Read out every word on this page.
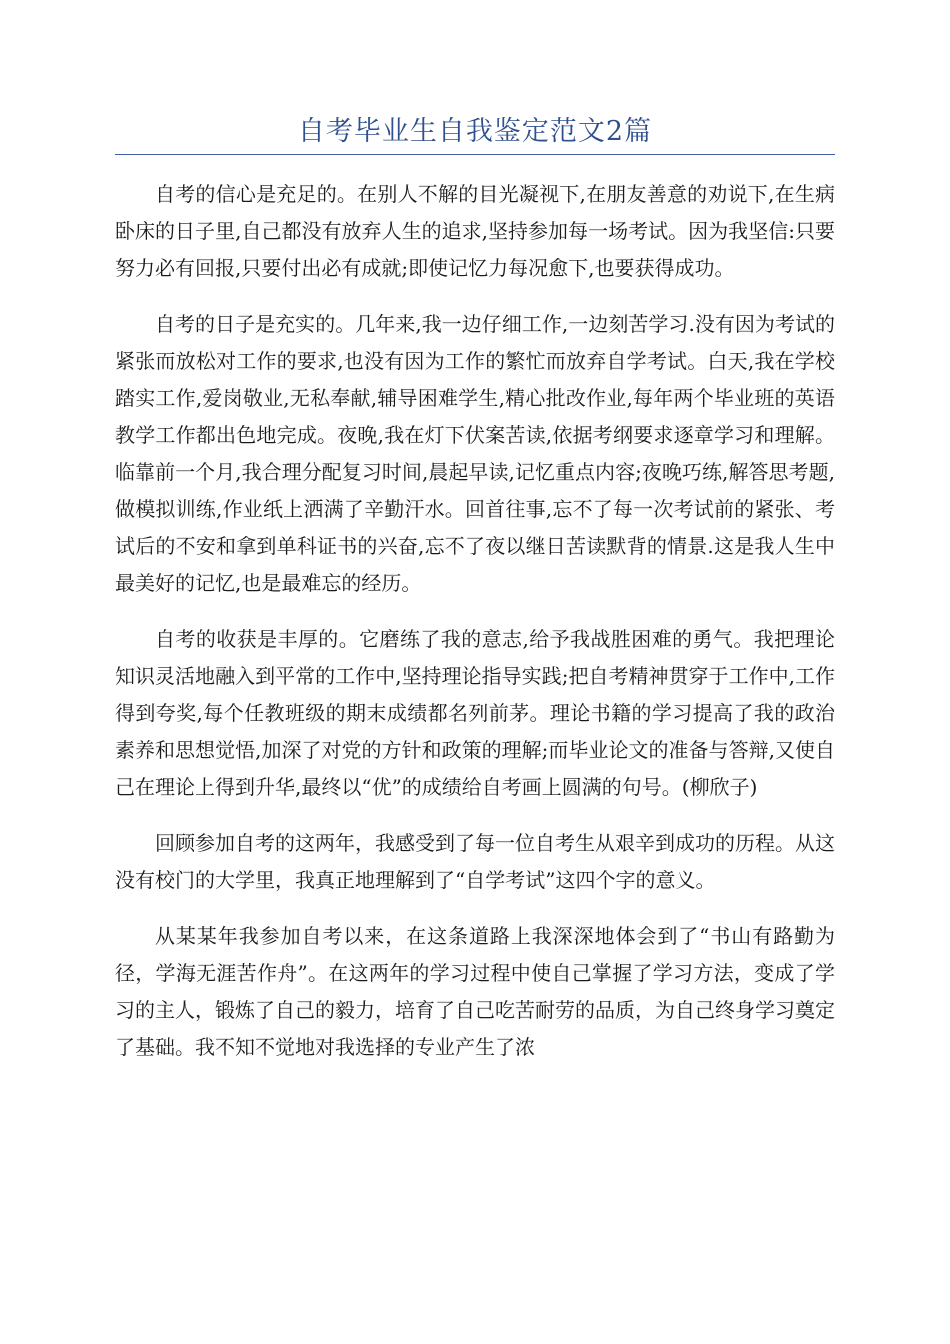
自考毕业生自我鉴定范文2篇

自考的信心是充足的。在别人不解的目光凝视下,在朋友善意的劝说下,在生病卧床的日子里,自己都没有放弃人生的追求,坚持参加每一场考试。因为我坚信:只要努力必有回报,只要付出必有成就;即使记忆力每况愈下,也要获得成功。

自考的日子是充实的。几年来,我一边仔细工作,一边刻苦学习.没有因为考试的紧张而放松对工作的要求,也没有因为工作的繁忙而放弃自学考试。白天,我在学校踏实工作,爱岗敬业,无私奉献,辅导困难学生,精心批改作业,每年两个毕业班的英语教学工作都出色地完成。夜晚,我在灯下伏案苦读,依据考纲要求逐章学习和理解。临靠前一个月,我合理分配复习时间,晨起早读,记忆重点内容;夜晚巧练,解答思考题,做模拟训练,作业纸上洒满了辛勤汗水。回首往事,忘不了每一次考试前的紧张、考试后的不安和拿到单科证书的兴奋,忘不了夜以继日苦读默背的情景.这是我人生中最美好的记忆,也是最难忘的经历。

自考的收获是丰厚的。它磨练了我的意志,给予我战胜困难的勇气。我把理论知识灵活地融入到平常的工作中,坚持理论指导实践;把自考精神贯穿于工作中,工作得到夸奖,每个任教班级的期末成绩都名列前茅。理论书籍的学习提高了我的政治素养和思想觉悟,加深了对党的方针和政策的理解;而毕业论文的准备与答辩,又使自己在理论上得到升华,最终以“优”的成绩给自考画上圆满的句号。(柳欣子)

回顾参加自考的这两年，我感受到了每一位自考生从艰辛到成功的历程。从这没有校门的大学里，我真正地理解到了“自学考试”这四个字的意义。

从某某年我参加自考以来，在这条道路上我深深地体会到了“书山有路勤为径，学海无涯苦作舟”。在这两年的学习过程中使自己掌握了学习方法，变成了学习的主人，锻炼了自己的毅力，培育了自己吃苦耐劳的品质，为自己终身学习奠定了基础。我不知不觉地对我选择的专业产生了浓
